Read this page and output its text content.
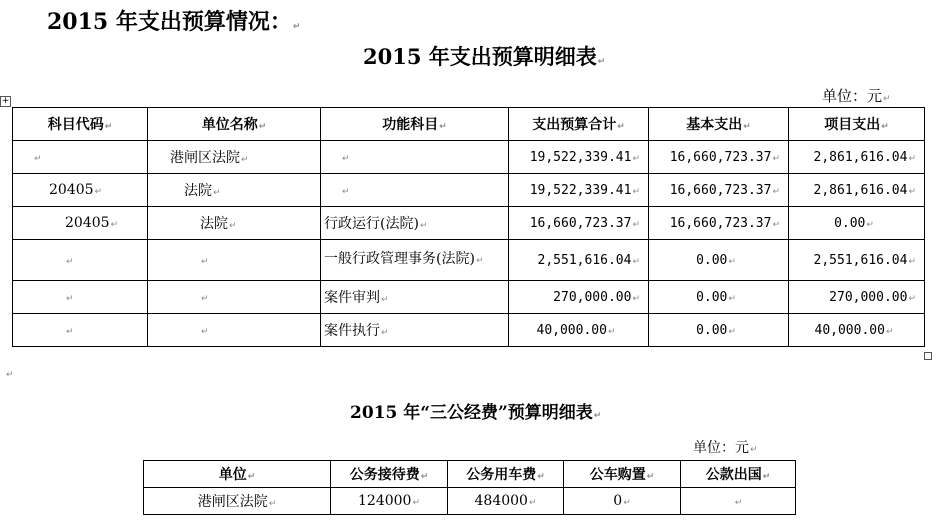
2015 年支出预算情况：↵
2015 年支出预算明细表↵
单位：元↵
+
科目代码↵	单位名称↵	功能科目↵	支出预算合计↵	基本支出↵	项目支出↵
↵	港闸区法院↵	↵	19,522,339.41↵	16,660,723.37↵	2,861,616.04↵
20405↵	法院↵	↵	19,522,339.41↵	16,660,723.37↵	2,861,616.04↵
20405↵	法院↵	行政运行(法院)↵	16,660,723.37↵	16,660,723.37↵	0.00↵
↵	↵	一般行政管理事务(法院)↵	2,551,616.04↵	0.00↵	2,551,616.04↵
↵	↵	案件审判↵	270,000.00↵	0.00↵	270,000.00↵
↵	↵	案件执行↵	40,000.00↵	0.00↵	40,000.00↵
↵
2015 年“三公经费”预算明细表↵
单位：元↵
单位↵	公务接待费↵	公务用车费↵	公车购置↵	公款出国↵
港闸区法院↵	124000↵	484000↵	0↵	↵
